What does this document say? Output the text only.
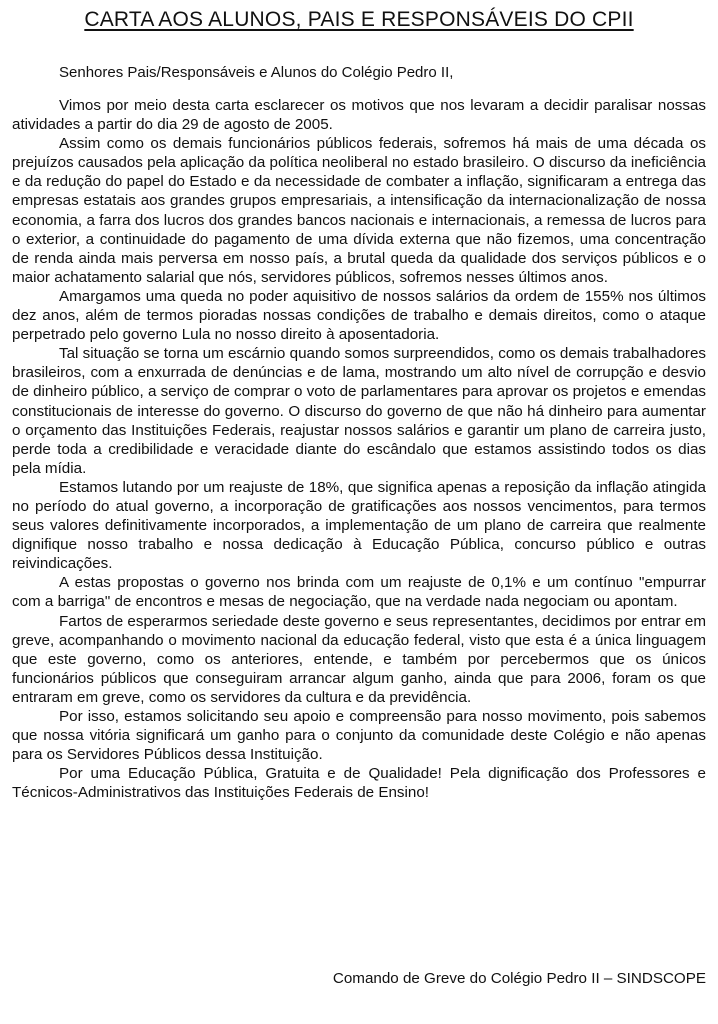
CARTA AOS ALUNOS, PAIS E RESPONSÁVEIS DO CPII
Senhores Pais/Responsáveis e Alunos do Colégio Pedro II,

Vimos por meio desta carta esclarecer os motivos que nos levaram a decidir paralisar nossas atividades a partir do dia 29 de agosto de 2005.

Assim como os demais funcionários públicos federais, sofremos há mais de uma década os prejuízos causados pela aplicação da política neoliberal no estado brasileiro. O discurso da ineficiência e da redução do papel do Estado e da necessidade de combater a inflação, significaram a entrega das empresas estatais aos grandes grupos empresariais, a intensificação da internacionalização de nossa economia, a farra dos lucros dos grandes bancos nacionais e internacionais, a remessa de lucros para o exterior, a continuidade do pagamento de uma dívida externa que não fizemos, uma concentração de renda ainda mais perversa em nosso país, a brutal queda da qualidade dos serviços públicos e o maior achatamento salarial que nós, servidores públicos, sofremos nesses últimos anos.

Amargamos uma queda no poder aquisitivo de nossos salários da ordem de 155% nos últimos dez anos, além de termos pioradas nossas condições de trabalho e demais direitos, como o ataque perpetrado pelo governo Lula no nosso direito à aposentadoria.

Tal situação se torna um escárnio quando somos surpreendidos, como os demais trabalhadores brasileiros, com a enxurrada de denúncias e de lama, mostrando um alto nível de corrupção e desvio de dinheiro público, a serviço de comprar o voto de parlamentares para aprovar os projetos e emendas constitucionais de interesse do governo. O discurso do governo de que não há dinheiro para aumentar o orçamento das Instituições Federais, reajustar nossos salários e garantir um plano de carreira justo, perde toda a credibilidade e veracidade diante do escândalo que estamos assistindo todos os dias pela mídia.

Estamos lutando por um reajuste de 18%, que significa apenas a reposição da inflação atingida no período do atual governo, a incorporação de gratificações aos nossos vencimentos, para termos seus valores definitivamente incorporados, a implementação de um plano de carreira que realmente dignifique nosso trabalho e nossa dedicação à Educação Pública, concurso público e outras reivindicações.

A estas propostas o governo nos brinda com um reajuste de 0,1% e um contínuo "empurrar com a barriga" de encontros e mesas de negociação, que na verdade nada negociam ou apontam.

Fartos de esperarmos seriedade deste governo e seus representantes, decidimos por entrar em greve, acompanhando o movimento nacional da educação federal, visto que esta é a única linguagem que este governo, como os anteriores, entende, e também por percebermos que os únicos funcionários públicos que conseguiram arrancar algum ganho, ainda que para 2006, foram os que entraram em greve, como os servidores da cultura e da previdência.

Por isso, estamos solicitando seu apoio e compreensão para nosso movimento, pois sabemos que nossa vitória significará um ganho para o conjunto da comunidade deste Colégio e não apenas para os Servidores Públicos dessa Instituição.

Por uma Educação Pública, Gratuita e de Qualidade! Pela dignificação dos Professores e Técnicos-Administrativos das Instituições Federais de Ensino!

Comando de Greve do Colégio Pedro II – SINDSCOPE
